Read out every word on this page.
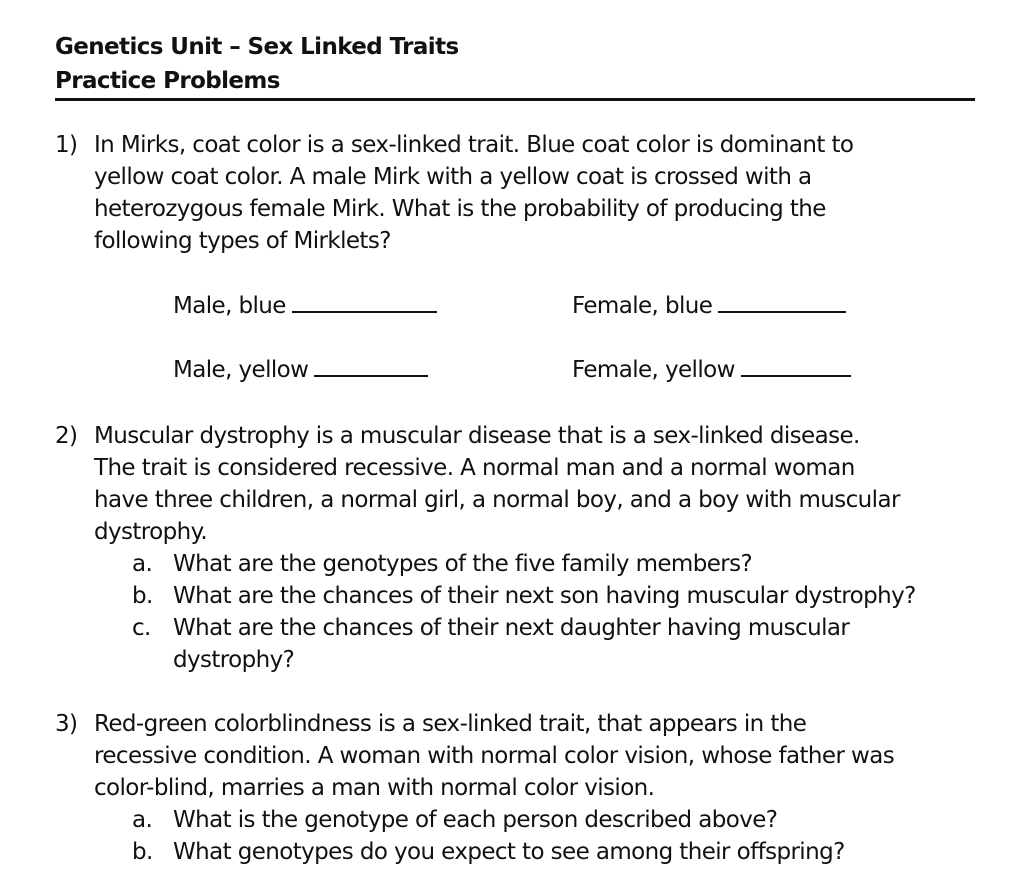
Genetics Unit – Sex Linked Traits
Practice Problems
1) In Mirks, coat color is a sex-linked trait. Blue coat color is dominant to
yellow coat color. A male Mirk with a yellow coat is crossed with a
heterozygous female Mirk. What is the probability of producing the
following types of Mirklets?
Male, blue	Female, blue
Male, yellow	Female, yellow
2) Muscular dystrophy is a muscular disease that is a sex-linked disease.
The trait is considered recessive. A normal man and a normal woman
have three children, a normal girl, a normal boy, and a boy with muscular
dystrophy.
a. What are the genotypes of the five family members?
b. What are the chances of their next son having muscular dystrophy?
c. What are the chances of their next daughter having muscular
dystrophy?
3) Red-green colorblindness is a sex-linked trait, that appears in the
recessive condition. A woman with normal color vision, whose father was
color-blind, marries a man with normal color vision.
a. What is the genotype of each person described above?
b. What genotypes do you expect to see among their offspring?
